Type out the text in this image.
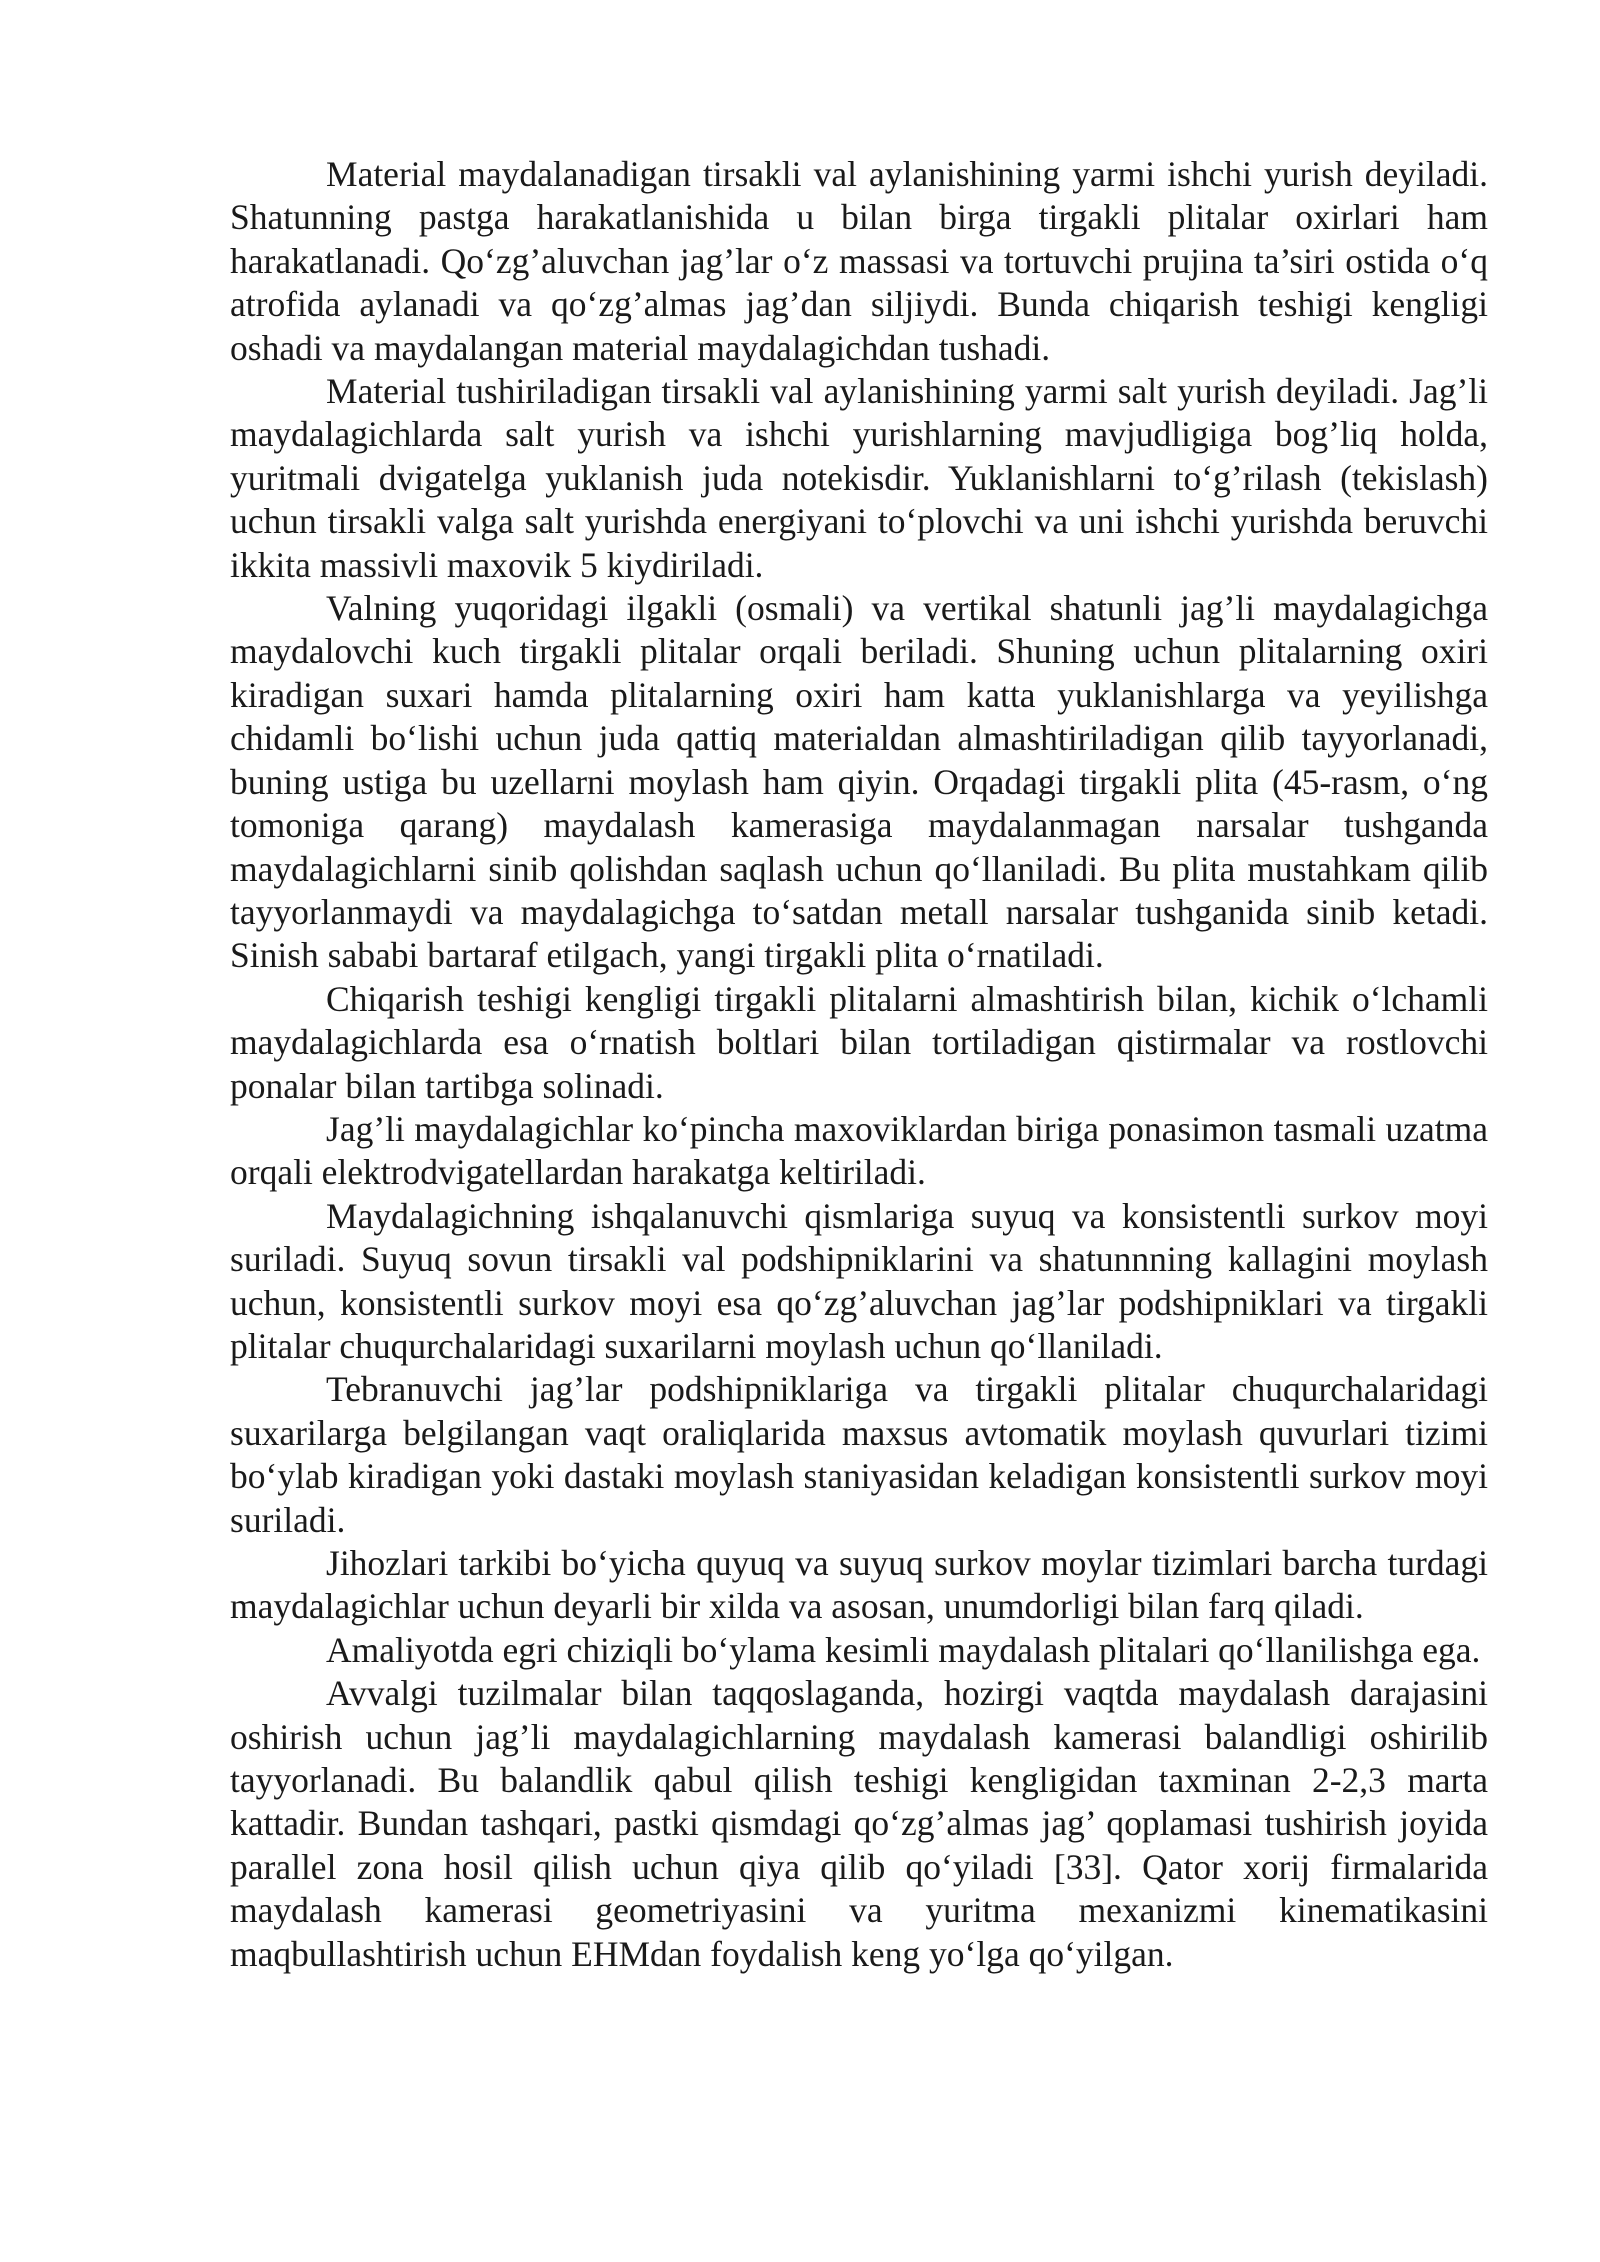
Material maydalanadigan tirsakli val aylanishining yarmi ishchi yurish deyiladi. Shatunning pastga harakatlanishida u bilan birga tirgakli plitalar oxirlari ham harakatlanadi. Qo‘zg’aluvchan jag’lar o‘z massasi va tortuvchi prujina ta’siri ostida o‘q atrofida aylanadi va qo‘zg’almas jag’dan siljiydi. Bunda chiqarish teshigi kengligi oshadi va maydalangan material maydalagichdan tushadi.

Material tushiriladigan tirsakli val aylanishining yarmi salt yurish deyiladi. Jag’li maydalagichlarda salt yurish va ishchi yurishlarning mavjudligiga bog’liq holda, yuritmali dvigatelga yuklanish juda notekisdir. Yuklanishlarni to‘g’rilash (tekislash) uchun tirsakli valga salt yurishda energiyani to‘plovchi va uni ishchi yurishda beruvchi ikkita massivli maxovik 5 kiydiriladi.

Valning yuqoridagi ilgakli (osmali) va vertikal shatunli jag’li maydalagichga maydalovchi kuch tirgakli plitalar orqali beriladi. Shuning uchun plitalarning oxiri kiradigan suxari hamda plitalarning oxiri ham katta yuklanishlarga va yeyilishga chidamli bo‘lishi uchun juda qattiq materialdan almashtiriladigan qilib tayyorlanadi, buning ustiga bu uzellarni moylash ham qiyin. Orqadagi tirgakli plita (45-rasm, o‘ng tomoniga qarang) maydalash kamerasiga maydalanmagan narsalar tushganda maydalagichlarni sinib qolishdan saqlash uchun qo‘llaniladi. Bu plita mustahkam qilib tayyorlanmaydi va maydalagichga to‘satdan metall narsalar tushganida sinib ketadi. Sinish sababi bartaraf etilgach, yangi tirgakli plita o‘rnatiladi.

Chiqarish teshigi kengligi tirgakli plitalarni almashtirish bilan, kichik o‘lchamli maydalagichlarda esa o‘rnatish boltlari bilan tortiladigan qistirmalar va rostlovchi ponalar bilan tartibga solinadi.

Jag’li maydalagichlar ko‘pincha maxoviklardan biriga ponasimon tasmali uzatma orqali elektrodvigatellardan harakatga keltiriladi.

Maydalagichning ishqalanuvchi qismlariga suyuq va konsistentli surkov moyi suriladi. Suyuq sovun tirsakli val podshipniklarini va shatunnning kallagini moylash uchun, konsistentli surkov moyi esa qo‘zg’aluvchan jag’lar podshipniklari va tirgakli plitalar chuqurchalaridagi suxarilarni moylash uchun qo‘llaniladi.

Tebranuvchi jag’lar podshipniklariga va tirgakli plitalar chuqurchalaridagi suxarilarga belgilangan vaqt oraliqlarida maxsus avtomatik moylash quvurlari tizimi bo‘ylab kiradigan yoki dastaki moylash staniyasidan keladigan konsistentli surkov moyi suriladi.

Jihozlari tarkibi bo‘yicha quyuq va suyuq surkov moylar tizimlari barcha turdagi maydalagichlar uchun deyarli bir xilda va asosan, unumdorligi bilan farq qiladi.

Amaliyotda egri chiziqli bo‘ylama kesimli maydalash plitalari qo‘llanilishga ega.

Avvalgi tuzilmalar bilan taqqoslaganda, hozirgi vaqtda maydalash darajasini oshirish uchun jag’li maydalagichlarning maydalash kamerasi balandligi oshirilib tayyorlanadi. Bu balandlik qabul qilish teshigi kengligidan taxminan 2-2,3 marta kattadir. Bundan tashqari, pastki qismdagi qo‘zg’almas jag’ qoplamasi tushirish joyida parallel zona hosil qilish uchun qiya qilib qo‘yiladi [33]. Qator xorij firmalarida maydalash kamerasi geometriyasini va yuritma mexanizmi kinematikasini maqbullashtirish uchun EHMdan foydalish keng yo‘lga qo‘yilgan.
